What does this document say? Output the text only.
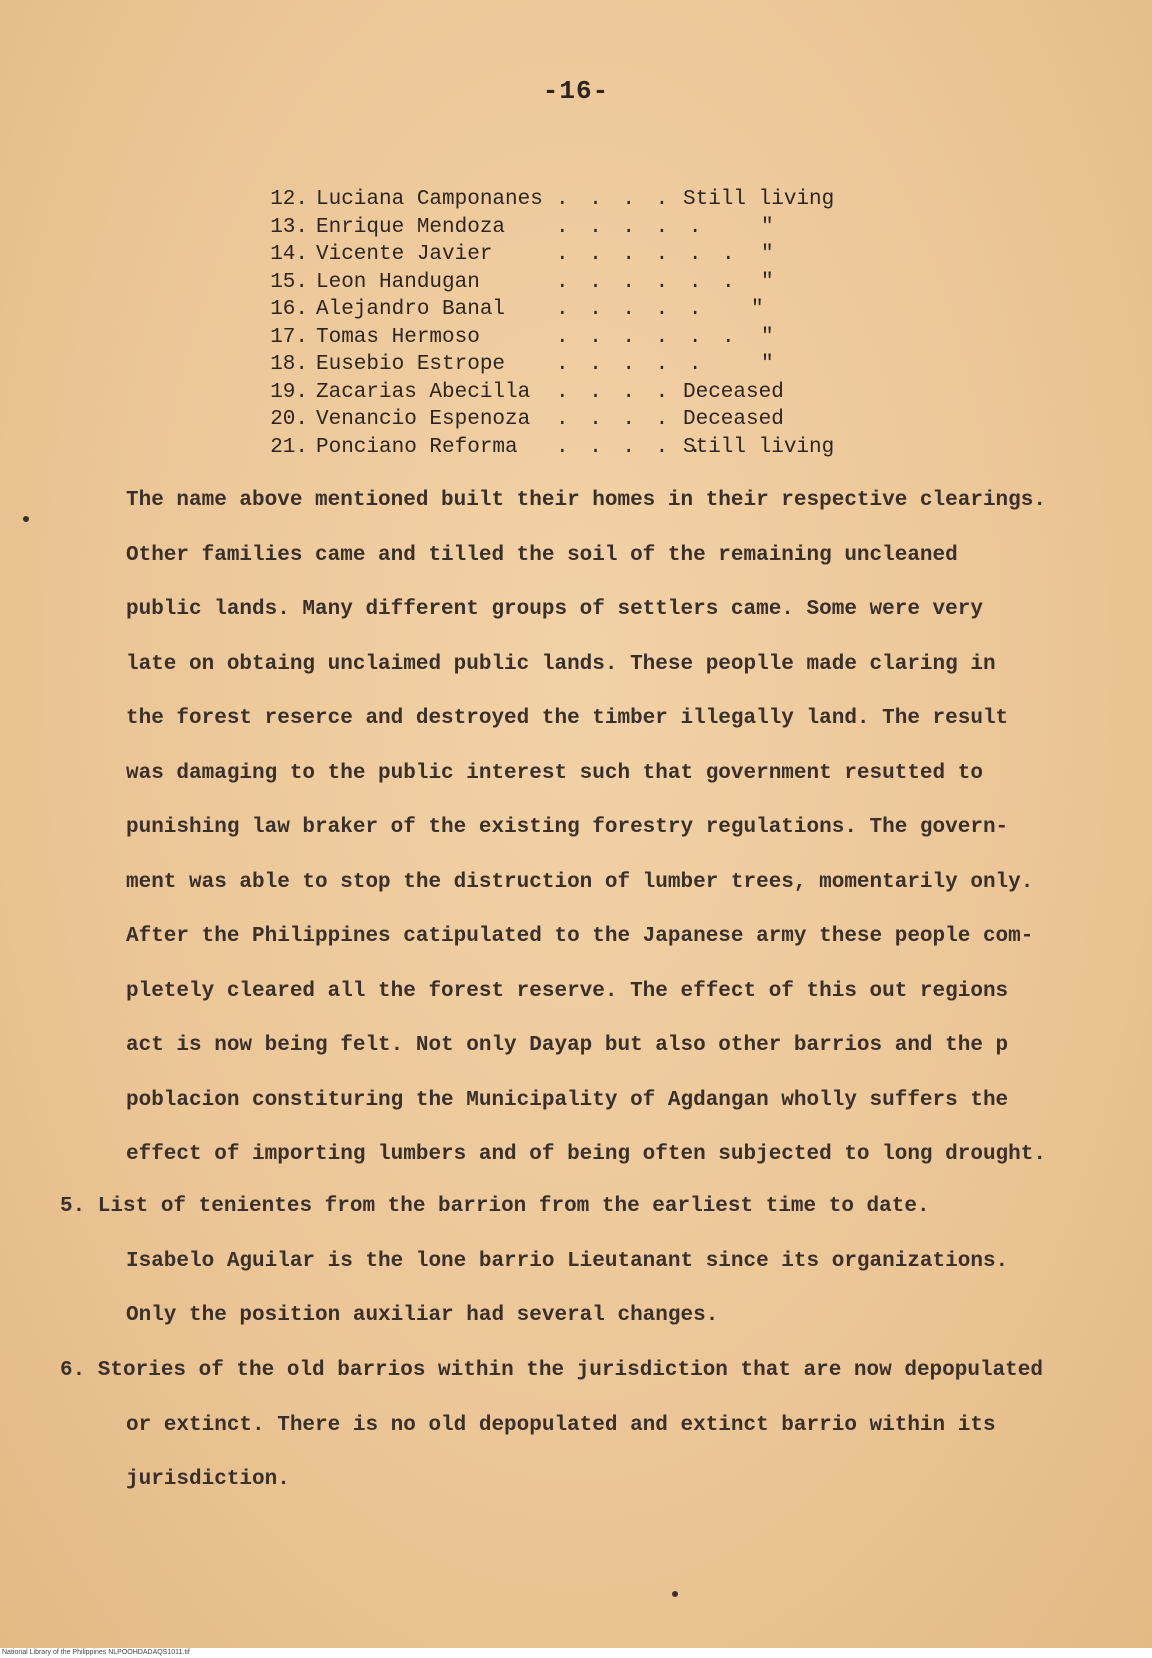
-16-
12. Luciana Camponanes . . . . Still living
13. Enrique Mendoza . . . . .	"
14. Vicente Javier	. . . . . . "
15. Leon Handugan	. . . . . . "
16. Alejandro Banal . . . . . "
17. Tomas Hermoso	. . . . . . "
18. Eusebio Estrope . . . . .	"
19. Zacarias Abecilla . . . . Deceased
20. Venancio Espenoza . . . . Deceased
21. Ponciano Reforma . . . . .Still living
The name above mentioned built their homes in their respective clearings.
Other families came and tilled the soil of the remaining uncleaned
public lands. Many different groups of settlers came. Some were very
late on obtaing unclaimed public lands. These peoplle made claring in
the forest reserce and destroyed the timber illegally land. The result
was damaging to the public interest such that government resutted to
punishing law braker of the existing forestry regulations. The govern-
ment was able to stop the distruction of lumber trees, momentarily only.
After the Philippines catipulated to the Japanese army these people com-
pletely cleared all the forest reserve. The effect of this out regions
act is now being felt. Not only Dayap but also other barrios and the p
poblacion constituring the Municipality of Agdangan wholly suffers the
effect of importing lumbers and of being often subjected to long drought.
5. List of tenientes from the barrion from the earliest time to date.
Isabelo Aguilar is the lone barrio Lieutanant since its organizations.
Only the position auxiliar had several changes.
6. Stories of the old barrios within the jurisdiction that are now depopulated
or extinct. There is no old depopulated and extinct barrio within its
jurisdiction.
National Library of the Philippines NLPOOHDADAQS1011.tif
